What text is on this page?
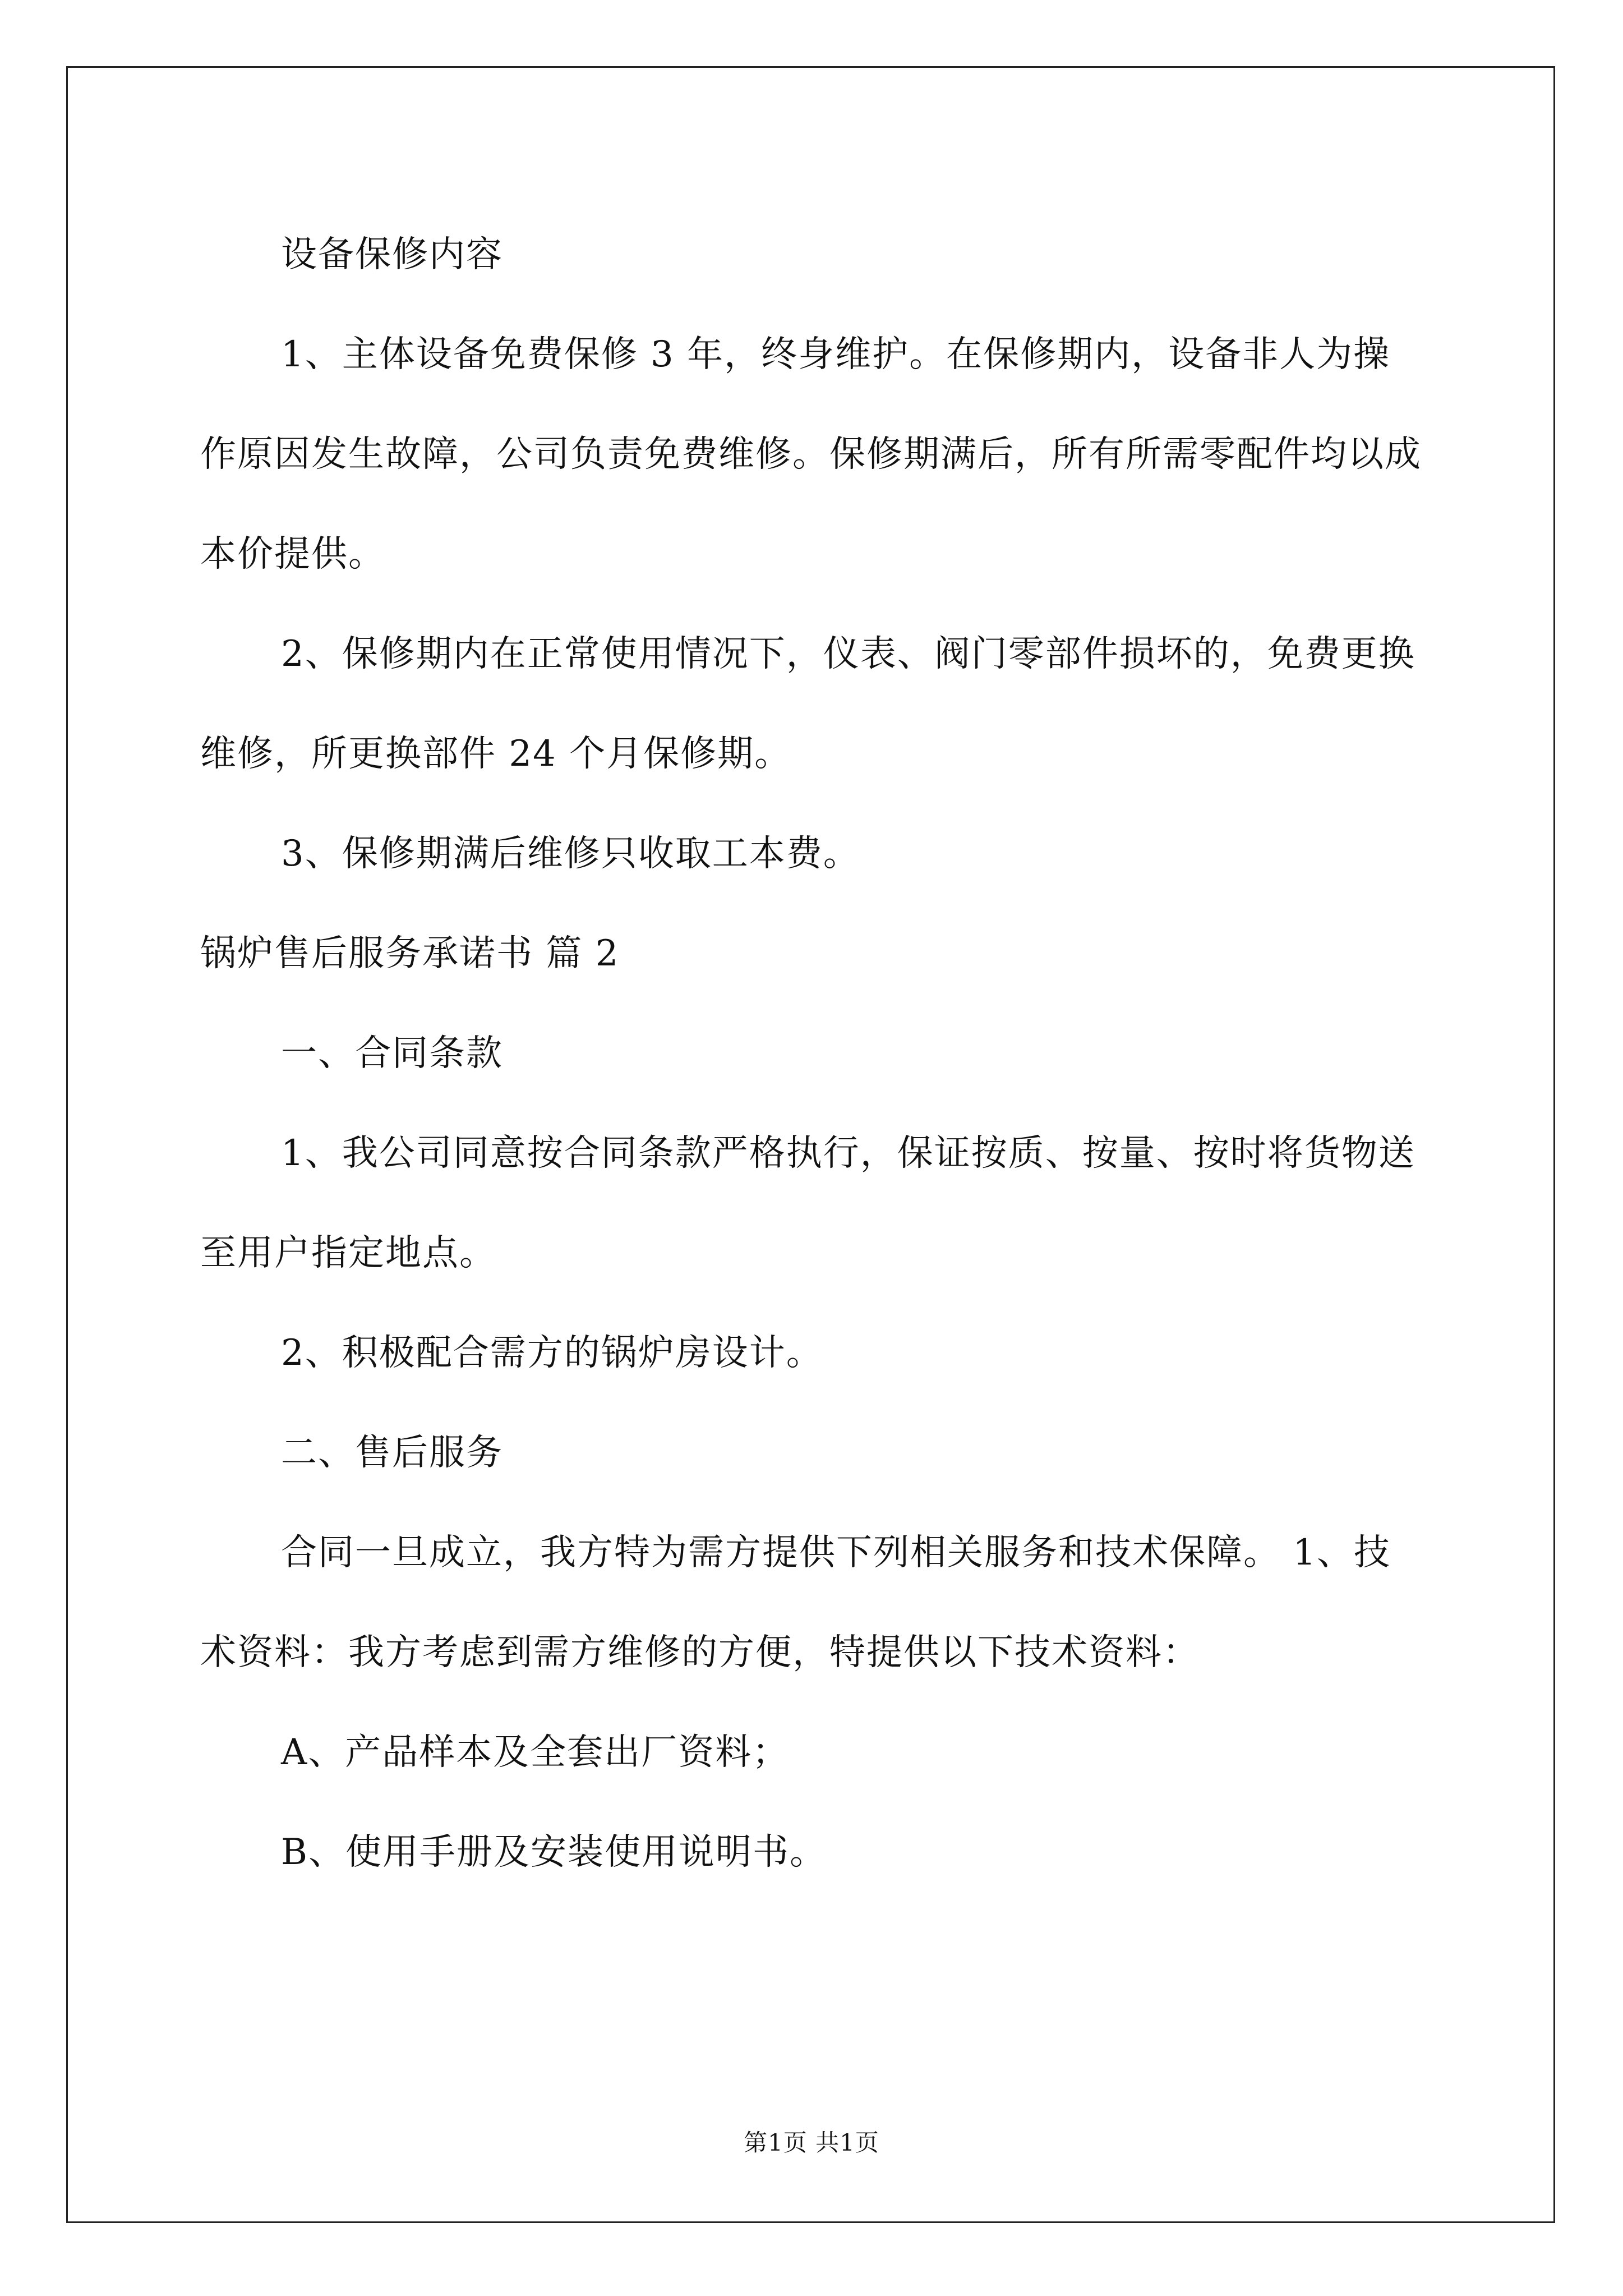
设备保修内容

1、主体设备免费保修 3 年，终身维护。在保修期内，设备非人为操作原因发生故障，公司负责免费维修。保修期满后，所有所需零配件均以成本价提供。

2、保修期内在正常使用情况下，仪表、阀门零部件损坏的，免费更换维修，所更换部件 24 个月保修期。

3、保修期满后维修只收取工本费。

锅炉售后服务承诺书 篇 2

一、合同条款

1、我公司同意按合同条款严格执行，保证按质、按量、按时将货物送至用户指定地点。

2、积极配合需方的锅炉房设计。

二、售后服务

合同一旦成立，我方特为需方提供下列相关服务和技术保障。 1、技术资料：我方考虑到需方维修的方便，特提供以下技术资料：

A、产品样本及全套出厂资料；

B、使用手册及安装使用说明书。

第1页 共1页
